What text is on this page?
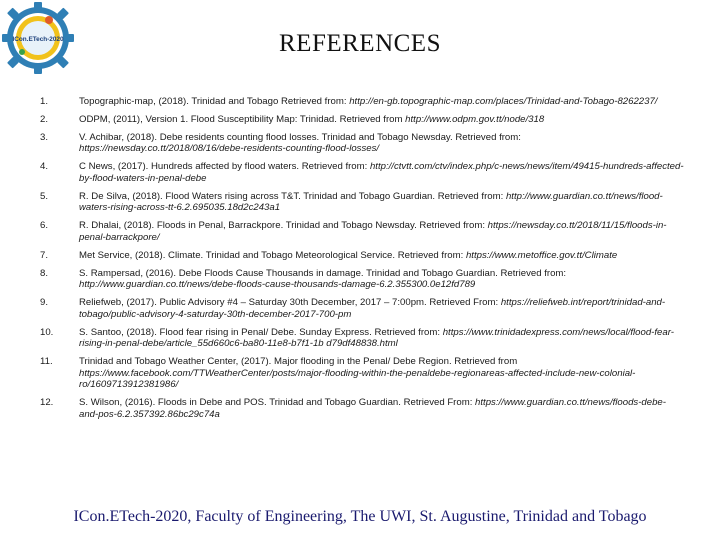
ICon.ETech-2020	REFERENCES
1.	Topographic-map, (2018). Trinidad and Tobago Retrieved from: http://en-gb.topographic-map.com/places/Trinidad-and-Tobago-8262237/
2.	ODPM, (2011), Version 1. Flood Susceptibility Map: Trinidad. Retrieved from http://www.odpm.gov.tt/node/318
3.	V. Achibar, (2018). Debe residents counting flood losses. Trinidad and Tobago Newsday. Retrieved from: https://newsday.co.tt/2018/08/16/debe-residents-counting-flood-losses/
4.	C News, (2017). Hundreds affected by flood waters. Retrieved from: http://ctvtt.com/ctv/index.php/c-news/news/item/49415-hundreds-affected-by-flood-waters-in-penal-debe
5.	R. De Silva, (2018). Flood Waters rising across T&T. Trinidad and Tobago Guardian. Retrieved from: http://www.guardian.co.tt/news/flood-waters-rising-across-tt-6.2.695035.18d2c243a1
6.	R. Dhalai, (2018). Floods in Penal, Barrackpore. Trinidad and Tobago Newsday. Retrieved from: https://newsday.co.tt/2018/11/15/floods-in-penal-barrackpore/
7.	Met Service, (2018). Climate. Trinidad and Tobago Meteorological Service. Retrieved from: https://www.metoffice.gov.tt/Climate
8.	S. Rampersad, (2016). Debe Floods Cause Thousands in damage. Trinidad and Tobago Guardian. Retrieved from: http://www.guardian.co.tt/news/debe-floods-cause-thousands-damage-6.2.355300.0e12fd789
9.	Reliefweb, (2017). Public Advisory #4 – Saturday 30th December, 2017 – 7:00pm. Retrieved From: https://reliefweb.int/report/trinidad-and-tobago/public-advisory-4-saturday-30th-december-2017-700-pm
10.	S. Santoo, (2018). Flood fear rising in Penal/ Debe. Sunday Express. Retrieved from: https://www.trinidadexpress.com/news/local/flood-fear-rising-in-penal-debe/article_55d660c6-ba80-11e8-b7f1-1b d79df48838.html
11.	Trinidad and Tobago Weather Center, (2017). Major flooding in the Penal/ Debe Region. Retrieved from https://www.facebook.com/TTWeatherCenter/posts/major-flooding-within-the-penaldebe-regionareas-affected-include-new-colonial-ro/1609713912381986/
12.	S. Wilson, (2016). Floods in Debe and POS. Trinidad and Tobago Guardian. Retrieved From: https://www.guardian.co.tt/news/floods-debe-and-pos-6.2.357392.86bc29c74a
ICon.ETech-2020, Faculty of Engineering, The UWI, St. Augustine, Trinidad and Tobago
